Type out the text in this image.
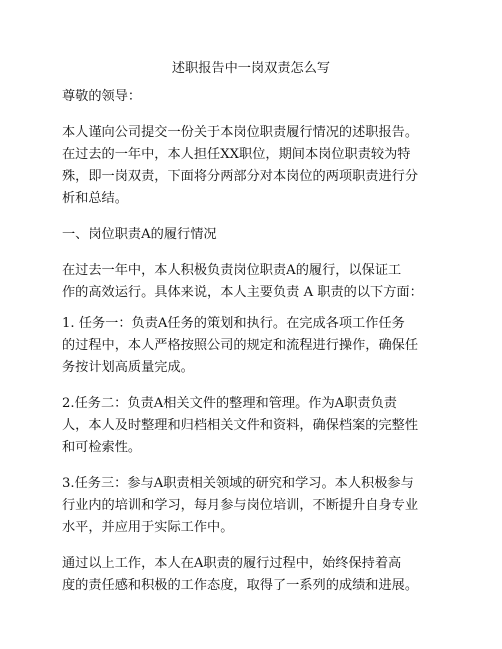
述职报告中一岗双责怎么写
尊敬的领导：
本人谨向公司提交一份关于本岗位职责履行情况的述职报告。
在过去的一年中，本人担任XX职位，期间本岗位职责较为特
殊，即一岗双责，下面将分两部分对本岗位的两项职责进行分
析和总结。
一、岗位职责A的履行情况
在过去一年中，本人积极负责岗位职责A的履行，以保证工
作的高效运行。具体来说，本人主要负责 A 职责的以下方面：
1. 任务一：负责A任务的策划和执行。在完成各项工作任务
的过程中，本人严格按照公司的规定和流程进行操作，确保任
务按计划高质量完成。
2.任务二：负责A相关文件的整理和管理。作为A职责负责
人，本人及时整理和归档相关文件和资料，确保档案的完整性
和可检索性。
3.任务三：参与A职责相关领域的研究和学习。本人积极参与
行业内的培训和学习，每月参与岗位培训，不断提升自身专业
水平，并应用于实际工作中。
通过以上工作，本人在A职责的履行过程中，始终保持着高
度的责任感和积极的工作态度，取得了一系列的成绩和进展。
